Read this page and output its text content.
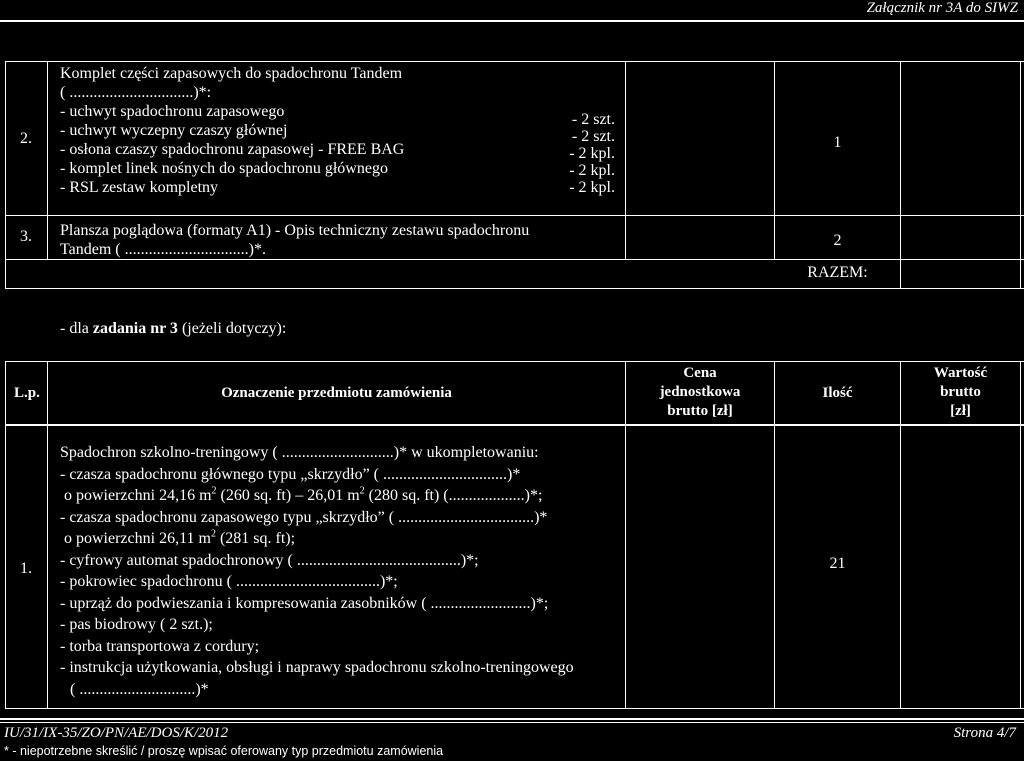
Załącznik nr 3A do SIWZ
2.
Komplet części zapasowych do spadochronu Tandem
( ...............................)*:
- uchwyt spadochronu zapasowego
- uchwyt wyczepny czaszy głównej
- osłona czaszy spadochronu zapasowej - FREE BAG
- komplet linek nośnych do spadochronu głównego
- RSL zestaw kompletny
- 2 szt.
- 2 szt.
- 2 kpl.
- 2 kpl.
- 2 kpl.
1
3. Plansza poglądowa (formaty A1) - Opis techniczny zestawu spadochronu
Tandem ( ...............................)*.
2
RAZEM:
- dla zadania nr 3 (jeżeli dotyczy):
L.p.	Oznaczenie przedmiotu zamówienia
Cena
jednostkowa
brutto [zł]
Ilość
Wartość
brutto
[zł]
1.
Spadochron szkolno-treningowy ( ............................)* w ukompletowaniu:
- czasza spadochronu głównego typu „skrzydło” ( ...............................)*
o powierzchni 24,16 $m^2$ (260 sq. ft) – 26,01 $m^2$ (280 sq. ft) (...................)*;
- czasza spadochronu zapasowego typu „skrzydło” ( ..................................)*
o powierzchni 26,11 $m^2$ (281 sq. ft);
- cyfrowy automat spadochronowy ( .........................................)*;
- pokrowiec spadochronu ( ....................................)*;
- uprząż do podwieszania i kompresowania zasobników ( .........................)*;
- pas biodrowy ( 2 szt.);
- torba transportowa z cordury;
- instrukcja użytkowania, obsługi i naprawy spadochronu szkolno-treningowego
( .............................)*
21
IU/31/IX-35/ZO/PN/AE/DOS/K/2012	Strona 4/7
* - niepotrzebne skreślić / proszę wpisać oferowany typ przedmiotu zamówienia
